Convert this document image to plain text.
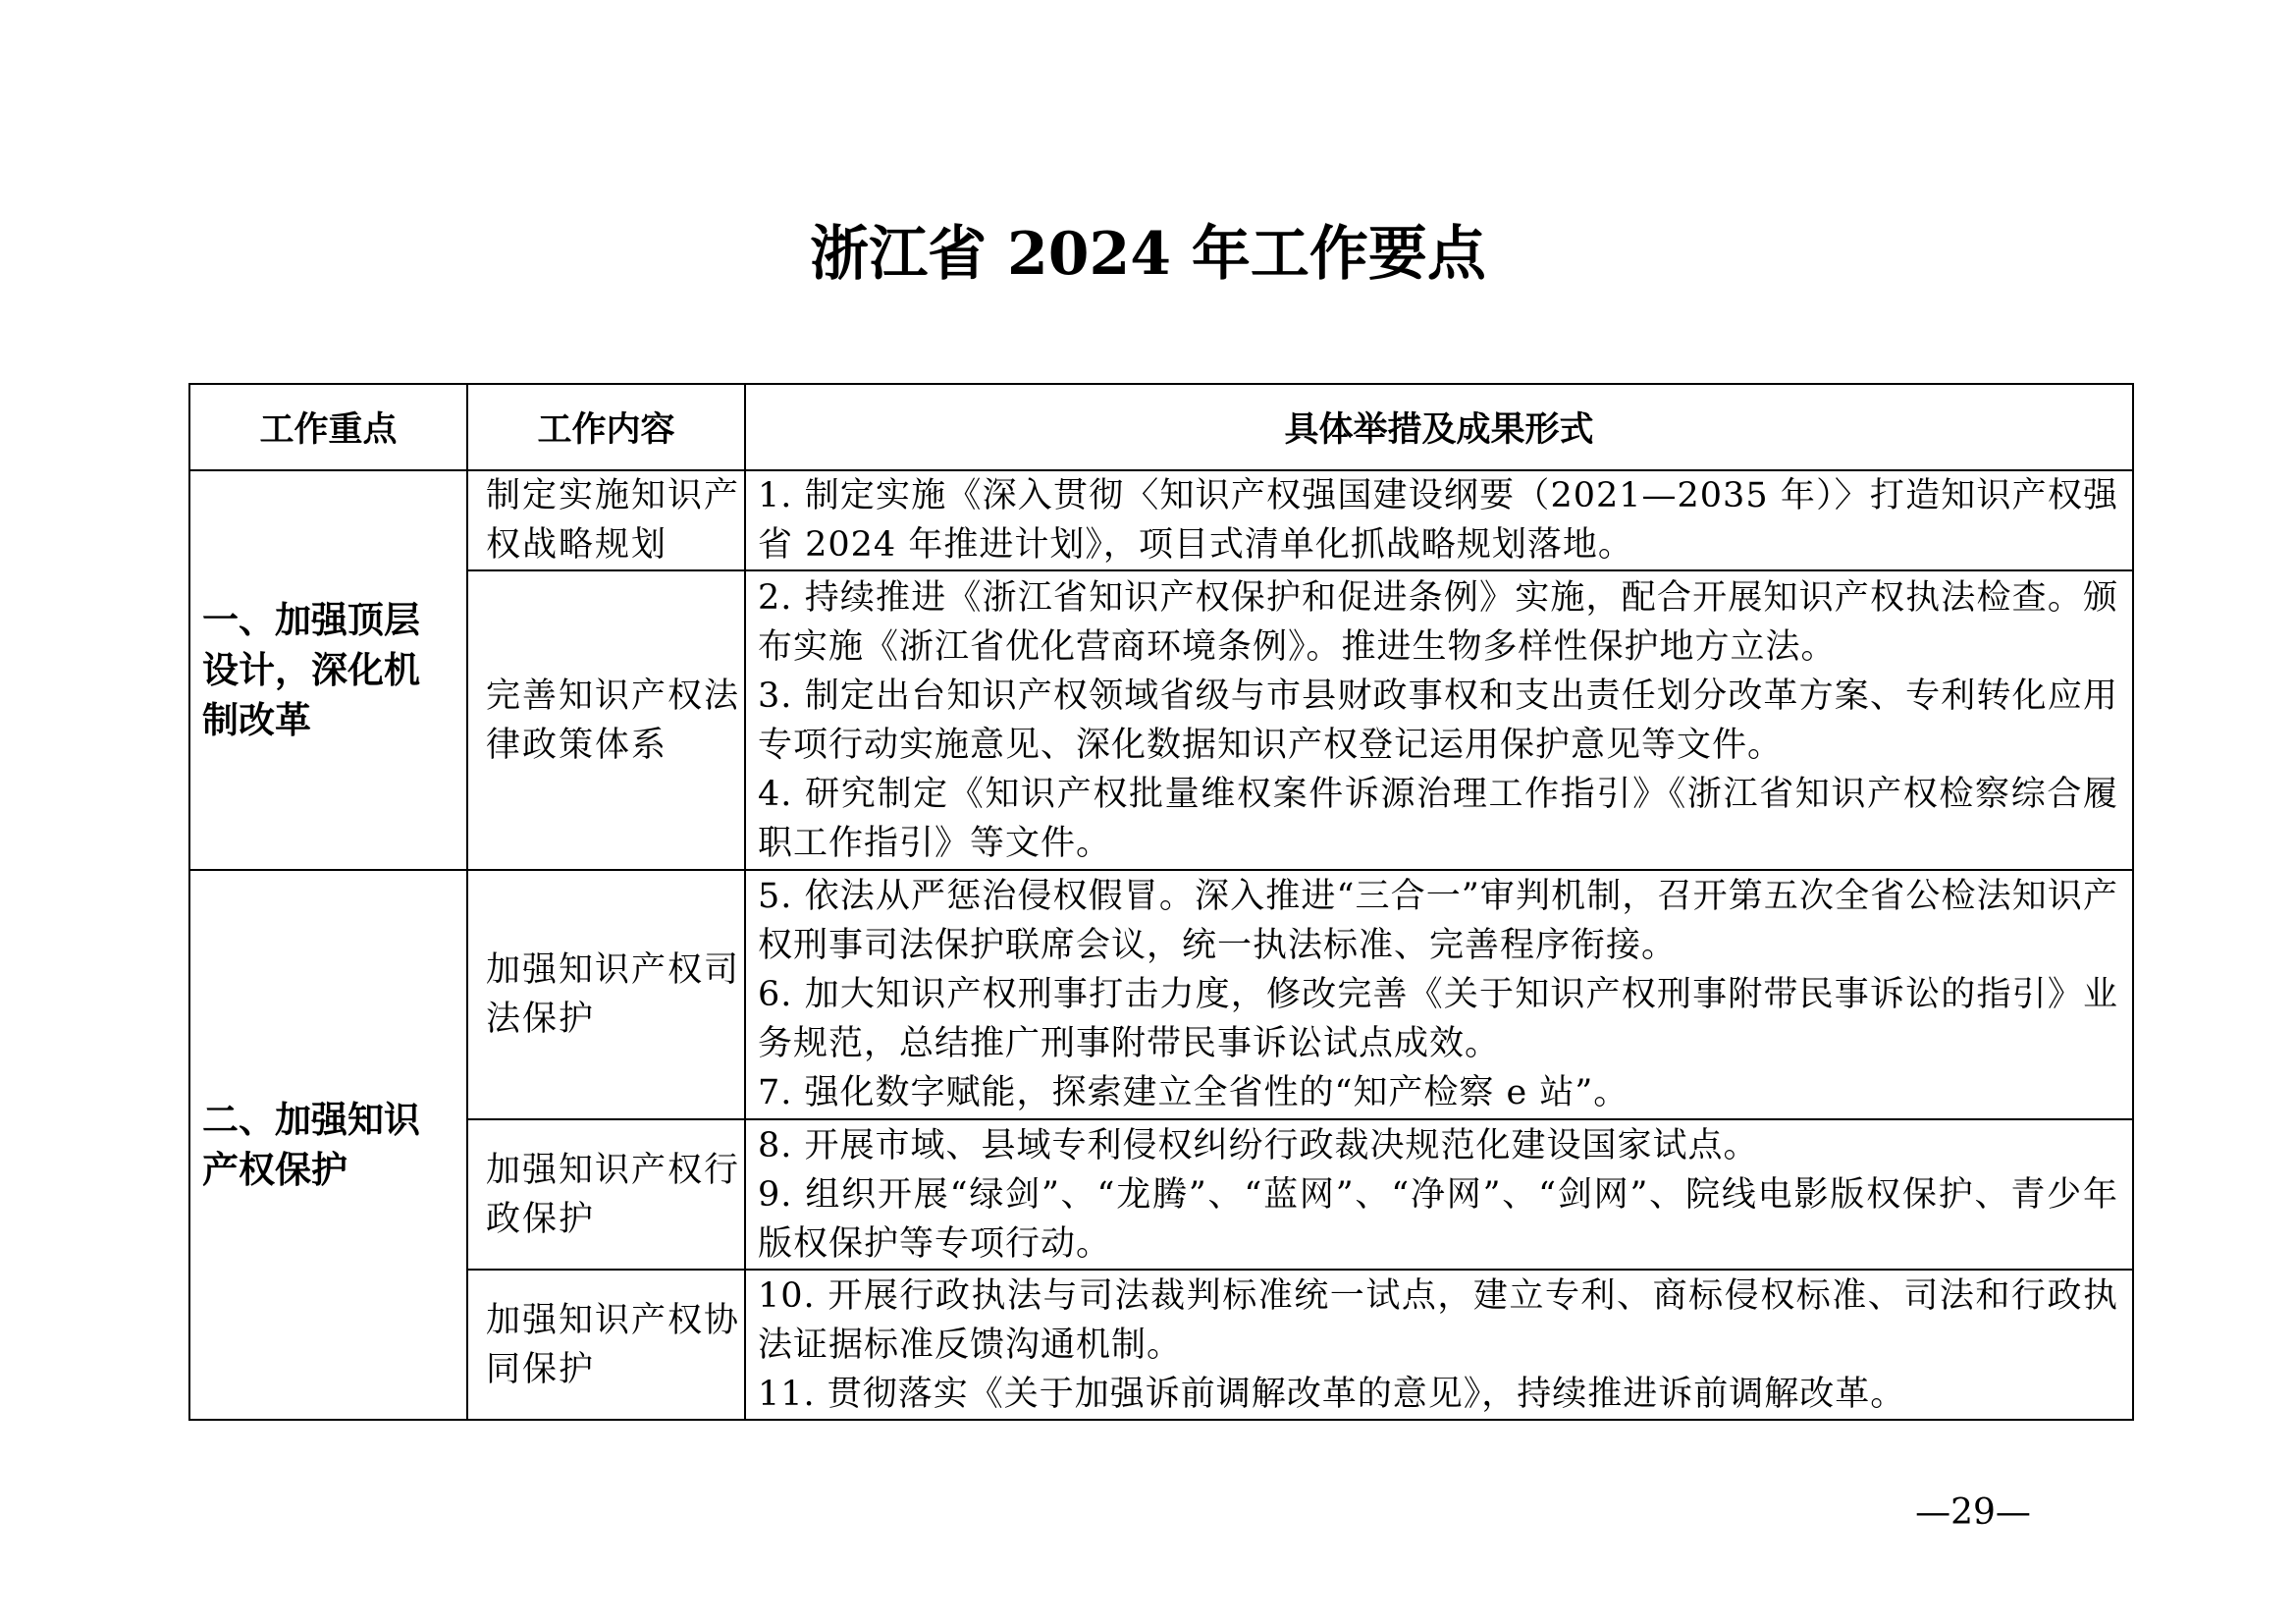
浙江省 2024 年工作要点
工作重点	工作内容	具体举措及成果形式
一、加强顶层设计，深化机制改革	制定实施知识产权战略规划	1. 制定实施《深入贯彻〈知识产权强国建设纲要（2021—2035 年）〉打造知识产权强省 2024 年推进计划》，项目式清单化抓战略规划落地。

	完善知识产权法律政策体系	2. 持续推进《浙江省知识产权保护和促进条例》实施，配合开展知识产权执法检查。颁布实施《浙江省优化营商环境条例》。推进生物多样性保护地方立法。

3. 制定出台知识产权领域省级与市县财政事权和支出责任划分改革方案、专利转化应用专项行动实施意见、深化数据知识产权登记运用保护意见等文件。

4. 研究制定《知识产权批量维权案件诉源治理工作指引》《浙江省知识产权检察综合履职工作指引》等文件。

二、加强知识产权保护	加强知识产权司法保护	5. 依法从严惩治侵权假冒。深入推进“三合一”审判机制，召开第五次全省公检法知识产权刑事司法保护联席会议，统一执法标准、完善程序衔接。

6. 加大知识产权刑事打击力度，修改完善《关于知识产权刑事附带民事诉讼的指引》业务规范，总结推广刑事附带民事诉讼试点成效。

7. 强化数字赋能，探索建立全省性的“知产检察 e 站”。

	加强知识产权行政保护	8. 开展市域、县域专利侵权纠纷行政裁决规范化建设国家试点。

9. 组织开展“绿剑”、“龙腾”、“蓝网”、“净网”、“剑网”、院线电影版权保护、青少年版权保护等专项行动。

	加强知识产权协同保护	10. 开展行政执法与司法裁判标准统一试点，建立专利、商标侵权标准、司法和行政执法证据标准反馈沟通机制。

11. 贯彻落实《关于加强诉前调解改革的意见》，持续推进诉前调解改革。

—29—
